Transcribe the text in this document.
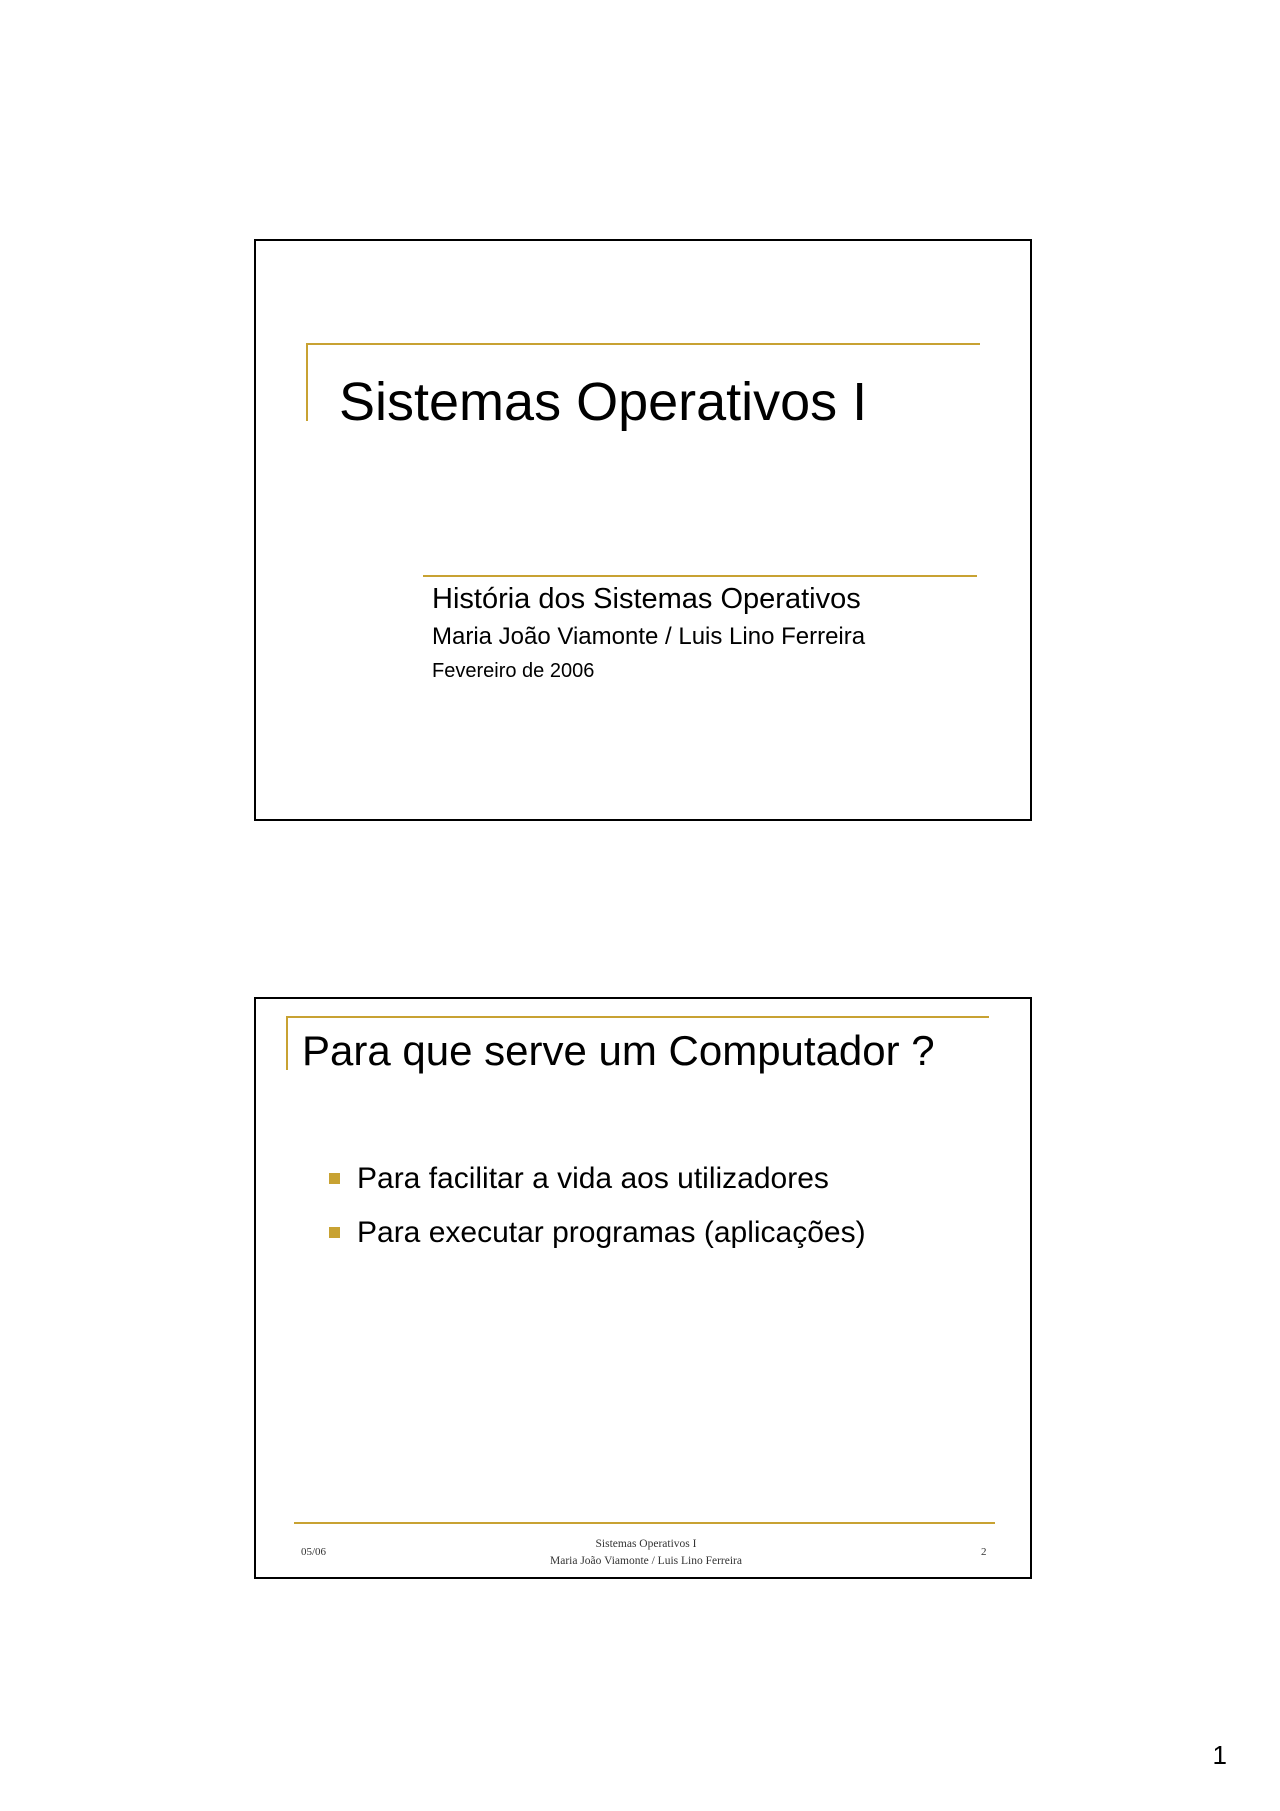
Sistemas Operativos I
História dos Sistemas Operativos
Maria João Viamonte / Luis Lino Ferreira
Fevereiro de 2006
Para que serve um Computador ?
Para facilitar a vida aos utilizadores
Para executar programas (aplicações)
05/06
Sistemas Operativos I
Maria João Viamonte / Luis Lino Ferreira
2
1
